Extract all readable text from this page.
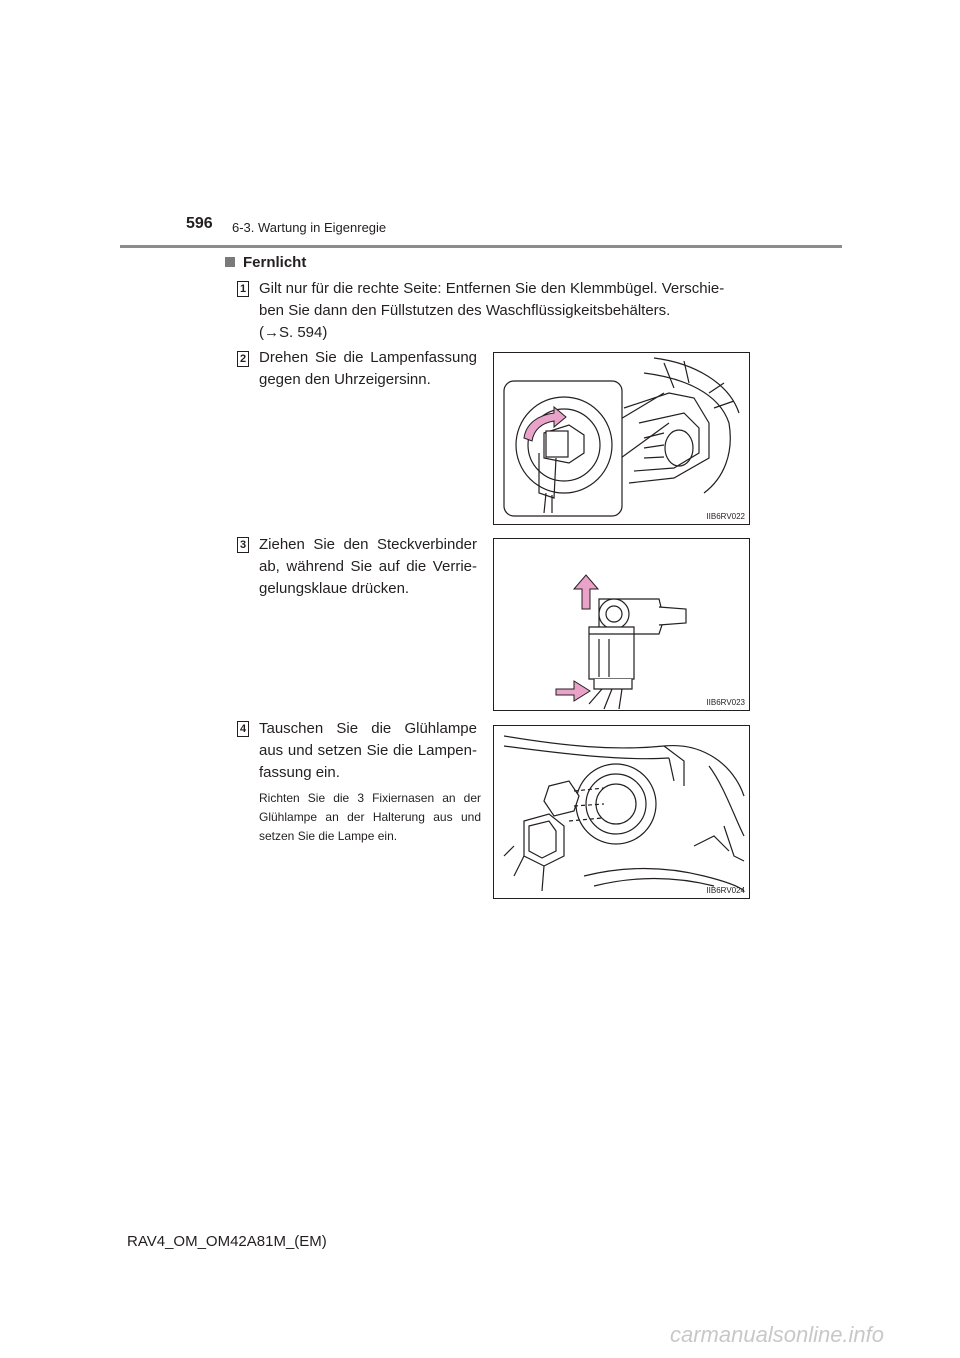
596 6-3. Wartung in Eigenregie
Fernlicht
1 Gilt nur für die rechte Seite: Entfernen Sie den Klemmbügel. Verschie-
ben Sie dann den Füllstutzen des Waschflüssigkeitsbehälters.
(→S. 594)
2 Drehen Sie die Lampenfassung gegen den Uhrzeigersinn.
IIB6RV022
3 Ziehen Sie den Steckverbinder ab, während Sie auf die Verrie-gelungsklaue drücken.
IIB6RV023
4 Tauschen Sie die Glühlampe aus und setzen Sie die Lampen-fassung ein.
Richten Sie die 3 Fixiernasen an der Glühlampe an der Halterung aus und setzen Sie die Lampe ein.
IIB6RV024
RAV4_OM_OM42A81M_(EM)
carmanualsonline.info
